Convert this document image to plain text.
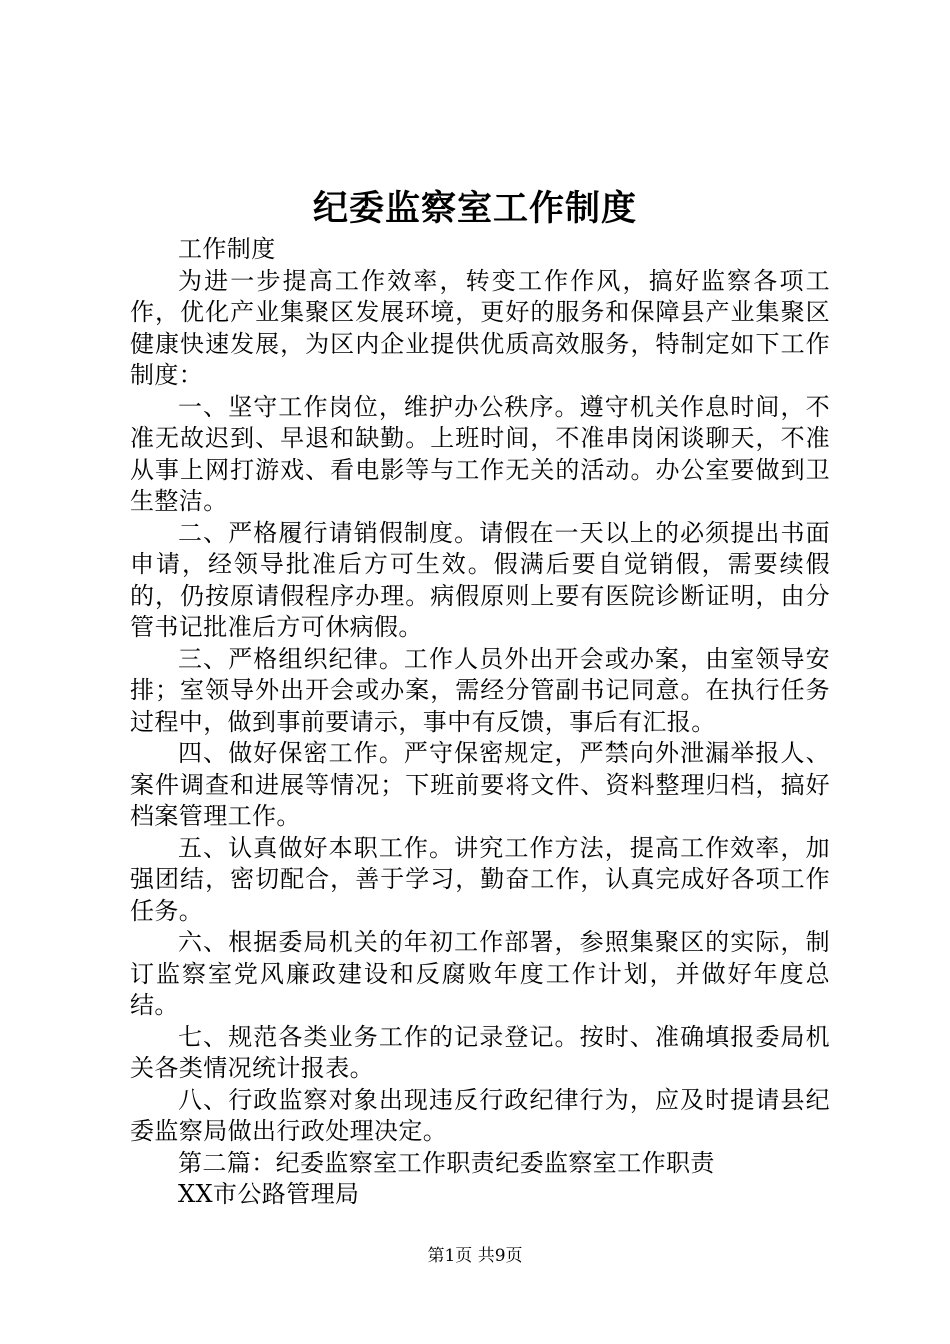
纪委监察室工作制度

工作制度

为进一步提高工作效率，转变工作作风，搞好监察各项工作，优化产业集聚区发展环境，更好的服务和保障县产业集聚区健康快速发展，为区内企业提供优质高效服务，特制定如下工作制度：

一、坚守工作岗位，维护办公秩序。遵守机关作息时间，不准无故迟到、早退和缺勤。上班时间，不准串岗闲谈聊天，不准从事上网打游戏、看电影等与工作无关的活动。办公室要做到卫生整洁。

二、严格履行请销假制度。请假在一天以上的必须提出书面申请，经领导批准后方可生效。假满后要自觉销假，需要续假的，仍按原请假程序办理。病假原则上要有医院诊断证明，由分管书记批准后方可休病假。

三、严格组织纪律。工作人员外出开会或办案，由室领导安排；室领导外出开会或办案，需经分管副书记同意。在执行任务过程中，做到事前要请示，事中有反馈，事后有汇报。

四、做好保密工作。严守保密规定，严禁向外泄漏举报人、案件调查和进展等情况；下班前要将文件、资料整理归档，搞好档案管理工作。

五、认真做好本职工作。讲究工作方法，提高工作效率，加强团结，密切配合，善于学习，勤奋工作，认真完成好各项工作任务。

六、根据委局机关的年初工作部署，参照集聚区的实际，制订监察室党风廉政建设和反腐败年度工作计划，并做好年度总结。

七、规范各类业务工作的记录登记。按时、准确填报委局机关各类情况统计报表。

八、行政监察对象出现违反行政纪律行为，应及时提请县纪委监察局做出行政处理决定。

第二篇：纪委监察室工作职责纪委监察室工作职责

XX市公路管理局

第1页 共9页
